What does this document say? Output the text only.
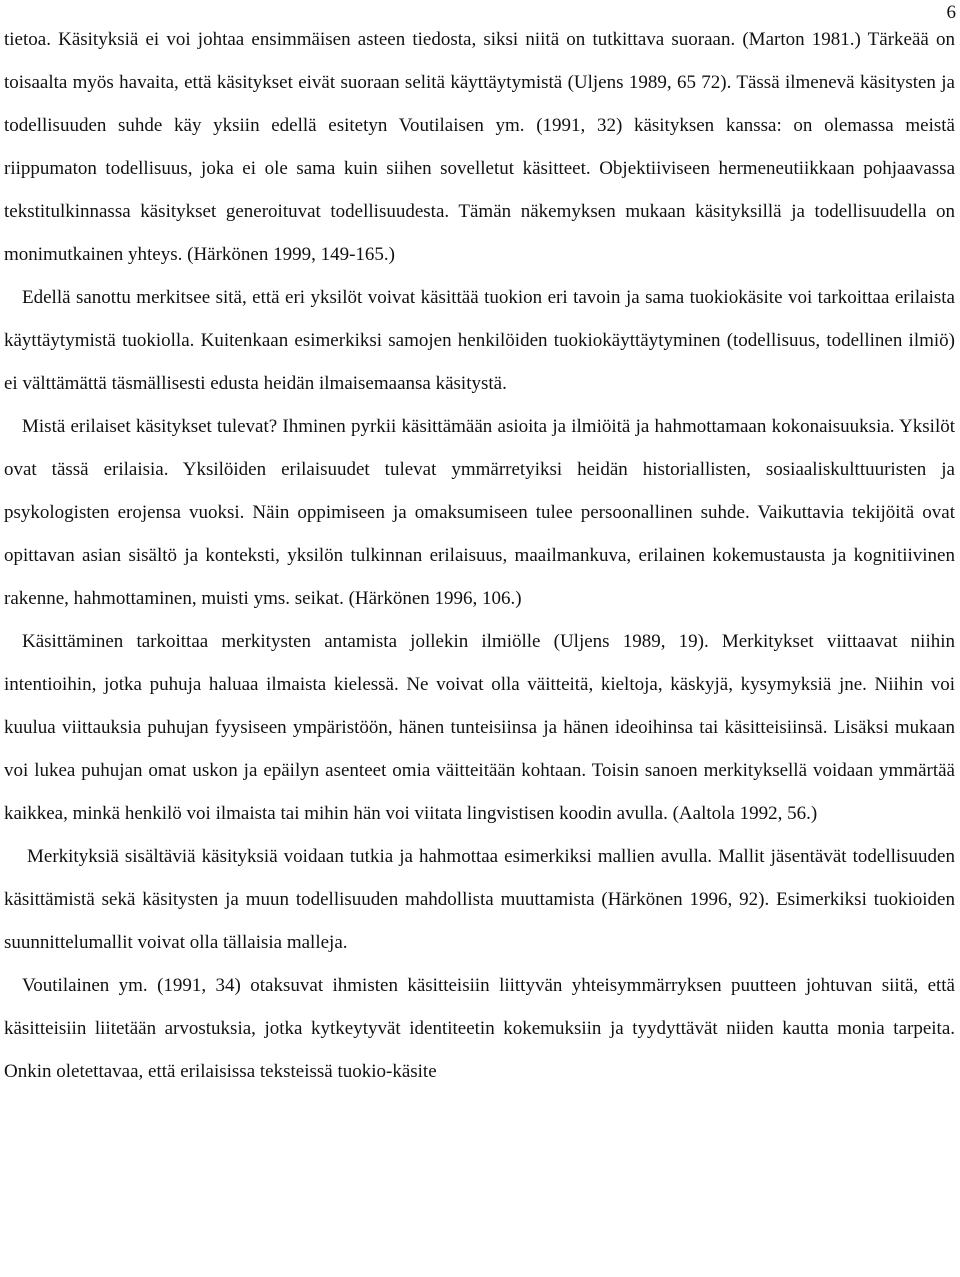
6

tietoa. Käsityksiä ei voi johtaa ensimmäisen asteen tiedosta, siksi niitä on tutkittava suoraan. (Marton 1981.) Tärkeää on toisaalta myös havaita, että käsitykset eivät suoraan selitä käyttäytymistä (Uljens 1989, 65 72). Tässä ilmenevä käsitysten ja todellisuuden suhde käy yksiin edellä esitetyn Voutilaisen ym. (1991, 32) käsityksen kanssa: on olemassa meistä riippumaton todellisuus, joka ei ole sama kuin siihen sovelletut käsitteet. Objektiiviseen hermeneutiikkaan pohjaavassa tekstitulkinnassa käsitykset generoituvat todellisuudesta. Tämän näkemyksen mukaan käsityksillä ja todellisuudella on monimutkainen yhteys. (Härkönen 1999, 149-165.)

Edellä sanottu merkitsee sitä, että eri yksilöt voivat käsittää tuokion eri tavoin ja sama tuokiokäsite voi tarkoittaa erilaista käyttäytymistä tuokiolla. Kuitenkaan esimerkiksi samojen henkilöiden tuokiokäyttäytyminen (todellisuus, todellinen ilmiö) ei välttämättä täsmällisesti edusta heidän ilmaisemaansa käsitystä.

Mistä erilaiset käsitykset tulevat? Ihminen pyrkii käsittämään asioita ja ilmiöitä ja hahmottamaan kokonaisuuksia. Yksilöt ovat tässä erilaisia. Yksilöiden erilaisuudet tulevat ymmärretyiksi heidän historiallisten, sosiaaliskulttuuristen ja psykologisten erojensa vuoksi. Näin oppimiseen ja omaksumiseen tulee persoonallinen suhde. Vaikuttavia tekijöitä ovat opittavan asian sisältö ja konteksti, yksilön tulkinnan erilaisuus, maailmankuva, erilainen kokemustausta ja kognitiivinen rakenne, hahmottaminen, muisti yms. seikat. (Härkönen 1996, 106.)

Käsittäminen tarkoittaa merkitysten antamista jollekin ilmiölle (Uljens 1989, 19). Merkitykset viittaavat niihin intentioihin, jotka puhuja haluaa ilmaista kielessä. Ne voivat olla väitteitä, kieltoja, käskyjä, kysymyksiä jne. Niihin voi kuulua viittauksia puhujan fyysiseen ympäristöön, hänen tunteisiinsa ja hänen ideoihinsa tai käsitteisiinsä. Lisäksi mukaan voi lukea puhujan omat uskon ja epäilyn asenteet omia väitteitään kohtaan. Toisin sanoen merkityksellä voidaan ymmärtää kaikkea, minkä henkilö voi ilmaista tai mihin hän voi viitata lingvistisen koodin avulla. (Aaltola 1992, 56.)

Merkityksiä sisältäviä käsityksiä voidaan tutkia ja hahmottaa esimerkiksi mallien avulla. Mallit jäsentävät todellisuuden käsittämistä sekä käsitysten ja muun todellisuuden mahdollista muuttamista (Härkönen 1996, 92). Esimerkiksi tuokioiden suunnittelumallit voivat olla tällaisia malleja.

Voutilainen ym. (1991, 34) otaksuvat ihmisten käsitteisiin liittyvän yhteisymmärryksen puutteen johtuvan siitä, että käsitteisiin liitetään arvostuksia, jotka kytkeytyvät identiteetin kokemuksiin ja tyydyttävät niiden kautta monia tarpeita. Onkin oletettavaa, että erilaisissa teksteissä tuokio-käsite
